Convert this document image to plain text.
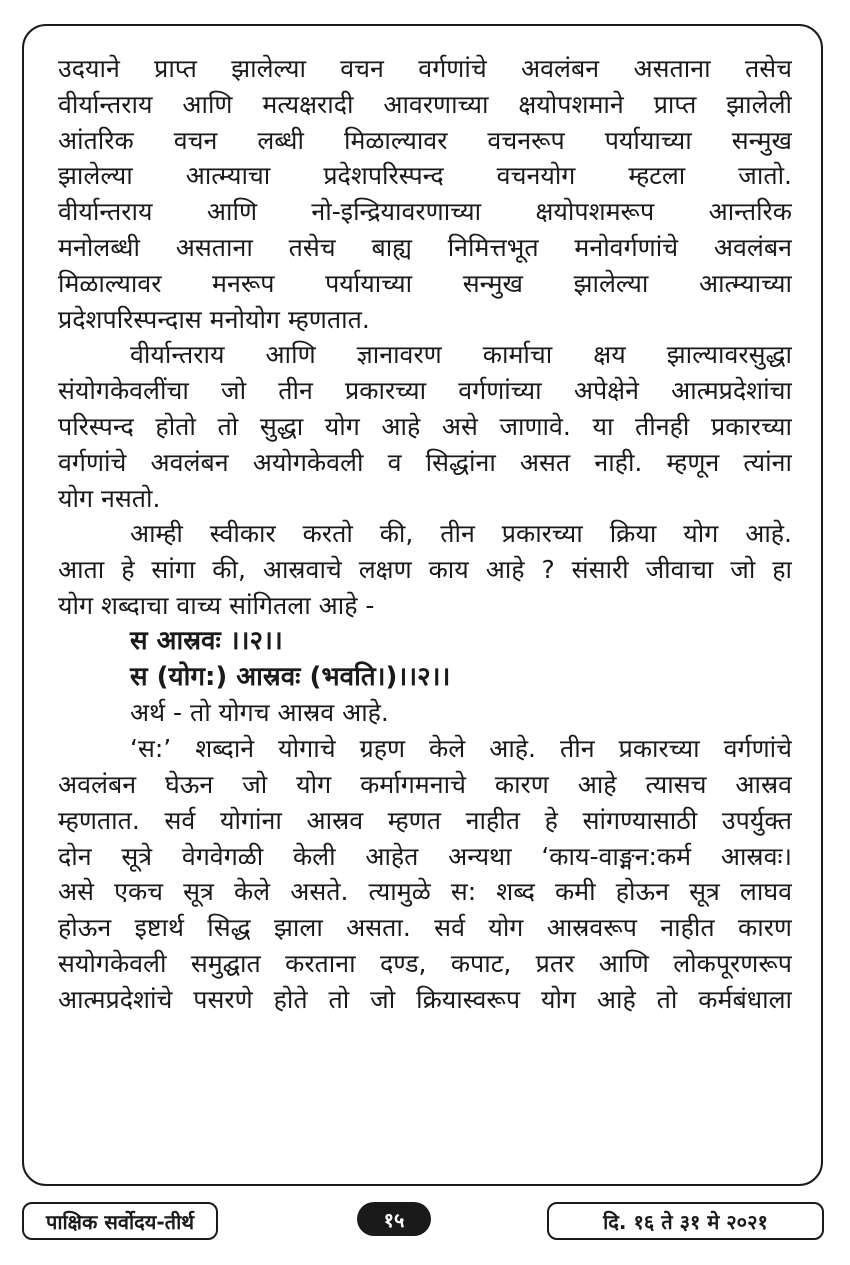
उदयाने प्राप्त झालेल्या वचन वर्गणांचे अवलंबन असताना तसेच
वीर्यान्तराय आणि मत्यक्षरादी आवरणाच्या क्षयोपशमाने प्राप्त झालेली
आंतरिक वचन लब्धी मिळाल्यावर वचनरूप पर्यायाच्या सन्मुख
झालेल्या आत्म्याचा प्रदेशपरिस्पन्द वचनयोग म्हटला जातो.
वीर्यान्तराय आणि नो-इन्द्रियावरणाच्या क्षयोपशमरूप आन्तरिक
मनोलब्धी असताना तसेच बाह्य निमित्तभूत मनोवर्गणांचे अवलंबन
मिळाल्यावर मनरूप पर्यायाच्या सन्मुख झालेल्या आत्म्याच्या
प्रदेशपरिस्पन्दास मनोयोग म्हणतात.
वीर्यान्तराय आणि ज्ञानावरण कार्माचा क्षय झाल्यावरसुद्धा
संयोगकेवलींचा जो तीन प्रकारच्या वर्गणांच्या अपेक्षेने आत्मप्रदेशांचा
परिस्पन्द होतो तो सुद्धा योग आहे असे जाणावे. या तीनही प्रकारच्या
वर्गणांचे अवलंबन अयोगकेवली व सिद्धांना असत नाही. म्हणून त्यांना
योग नसतो.
आम्ही स्वीकार करतो की, तीन प्रकारच्या क्रिया योग आहे.
आता हे सांगा की, आस्रवाचे लक्षण काय आहे ? संसारी जीवाचा जो हा
योग शब्दाचा वाच्य सांगितला आहे -
स आस्रवः ।।२।।
स (योग:) आस्रवः (भवति।)।।२।।
अर्थ - तो योगच आस्रव आहे.
‘स:’ शब्दाने योगाचे ग्रहण केले आहे. तीन प्रकारच्या वर्गणांचे
अवलंबन घेऊन जो योग कर्मागमनाचे कारण आहे त्यासच आस्रव
म्हणतात. सर्व योगांना आस्रव म्हणत नाहीत हे सांगण्यासाठी उपर्युक्त
दोन सूत्रे वेगवेगळी केली आहेत अन्यथा ‘काय-वाङ्मन:कर्म आस्रवः।
असे एकच सूत्र केले असते. त्यामुळे स: शब्द कमी होऊन सूत्र लाघव
होऊन इष्टार्थ सिद्ध झाला असता. सर्व योग आस्रवरूप नाहीत कारण
सयोगकेवली समुद्घात करताना दण्ड, कपाट, प्रतर आणि लोकपूरणरूप
आत्मप्रदेशांचे पसरणे होते तो जो क्रियास्वरूप योग आहे तो कर्मबंधाला
पाक्षिक सर्वोदय-तीर्थ	१५	दि. १६ ते ३१ मे २०२१
